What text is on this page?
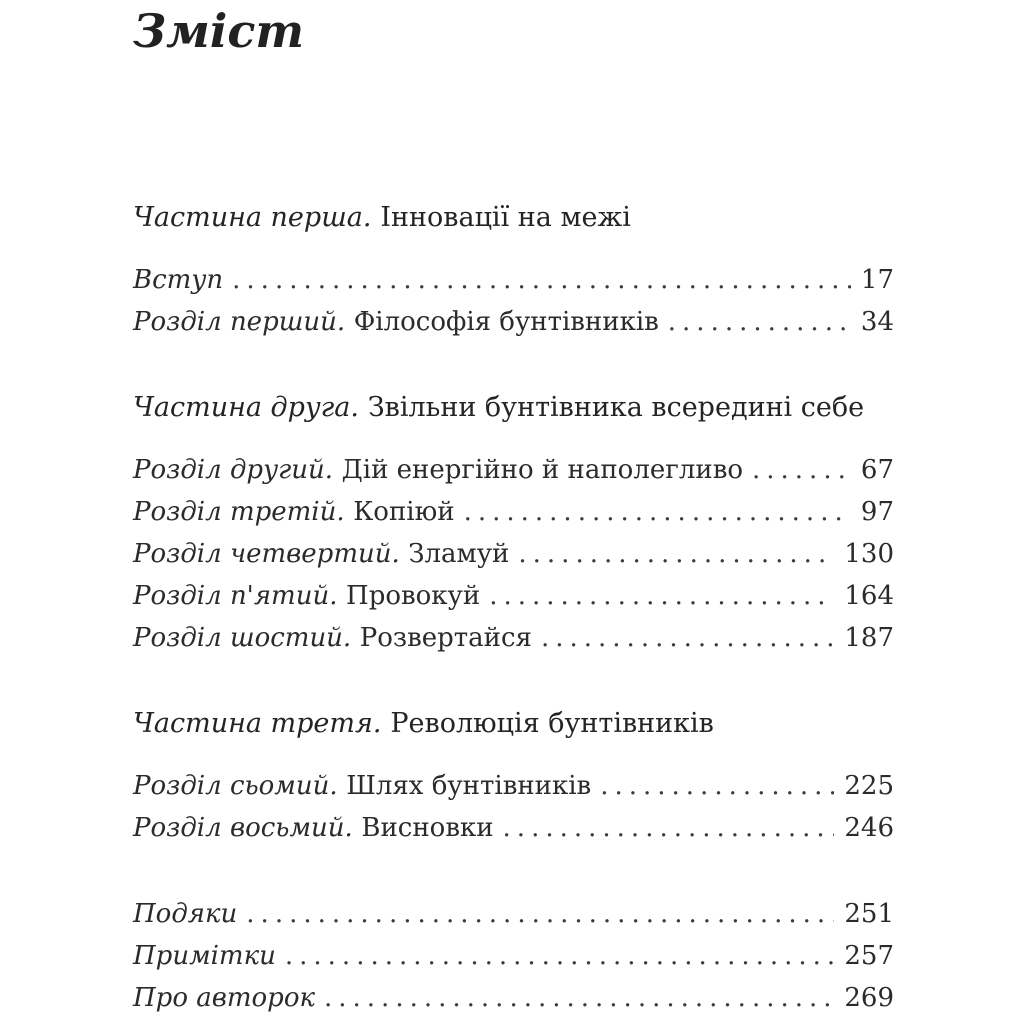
Зміст
Частина перша. Інновації на межі
Вступ .....	17
Розділ перший. Філософія бунтівників .....	34
Частина друга. Звільни бунтівника всередині себе
Розділ другий. Дій енергійно й наполегливо .....	67
Розділ третій. Копіюй .....	97
Розділ четвертий. Зламуй .....	130
Розділ п'ятий. Провокуй .....	164
Розділ шостий. Розвертайся .....	187
Частина третя. Революція бунтівників
Розділ сьомий. Шлях бунтівників .....	225
Розділ восьмий. Висновки .....	246
Подяки .....	251
Примітки .....	257
Про авторок .....	269
